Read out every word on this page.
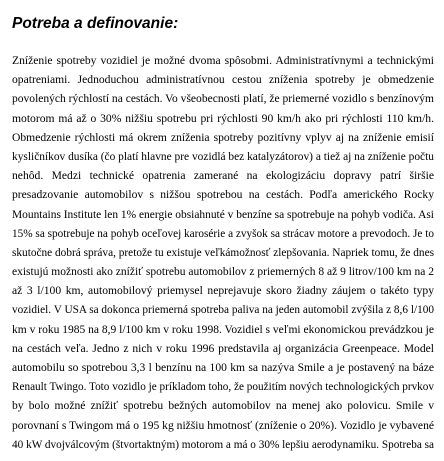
Potreba a definovanie:
Zníženie spotreby vozidiel je možné dvoma spôsobmi. Administratívnymi a technickými
opatreniami. Jednoduchou administratívnou cestou zníženia spotreby je obmedzenie
povolených rýchlostí na cestách. Vo všeobecnosti platí, že priemerné vozidlo s benzínovým
motorom má až o 30% nižšiu spotrebu pri rýchlosti 90 km/h ako pri rýchlosti 110 km/h.
Obmedzenie rýchlosti má okrem zníženia spotreby pozitívny vplyv aj na zníženie emisií
kysličníkov dusíka (čo platí hlavne pre vozidlá bez katalyzátorov) a tiež aj na zníženie počtu
nehôd. Medzi technické opatrenia zamerané na ekologizáciu dopravy patrí širšie
presadzovanie automobilov s nižšou spotrebou na cestách. Podľa amerického Rocky
Mountains Institute len 1% energie obsiahnuté v benzíne sa spotrebuje na pohyb vodiča. Asi
15% sa spotrebuje na pohyb oceľovej karosérie a zvyšok sa strácav motore a prevodoch. Je to
skutočne dobrá správa, pretože tu existuje veľkámožnosť zlepšovania. Napriek tomu, že dnes
existujú možnosti ako znížiť spotrebu automobilov z priemerných 8 až 9 litrov/100 km na 2
až 3 l/100 km, automobilový priemysel neprejavuje skoro žiadny záujem o takéto typy
vozidiel. V USA sa dokonca priemerná spotreba paliva na jeden automobil zvýšila z 8,6 l/100
km v roku 1985 na 8,9 l/100 km v roku 1998. Vozidiel s veľmi ekonomickou prevádzkou je
na cestách veľa. Jedno z nich v roku 1996 predstavila aj organizácia Greenpeace. Model
automobilu so spotrebou 3,3 l benzínu na 100 km sa nazýva Smile a je postavený na báze
Renault Twingo. Toto vozidlo je príkladom toho, že použitím nových technologických prvkov
by bolo možné znížiť spotrebu bežných automobilov na menej ako polovicu. Smile v
porovnaní s Twingom má o 195 kg nižšiu hmotnosť (zníženie o 20%). Vozidlo je vybavené
40 kW dvojválcovým (štvortaktným) motorom a má o 30% lepšiu aerodynamiku. Spotreba sa
